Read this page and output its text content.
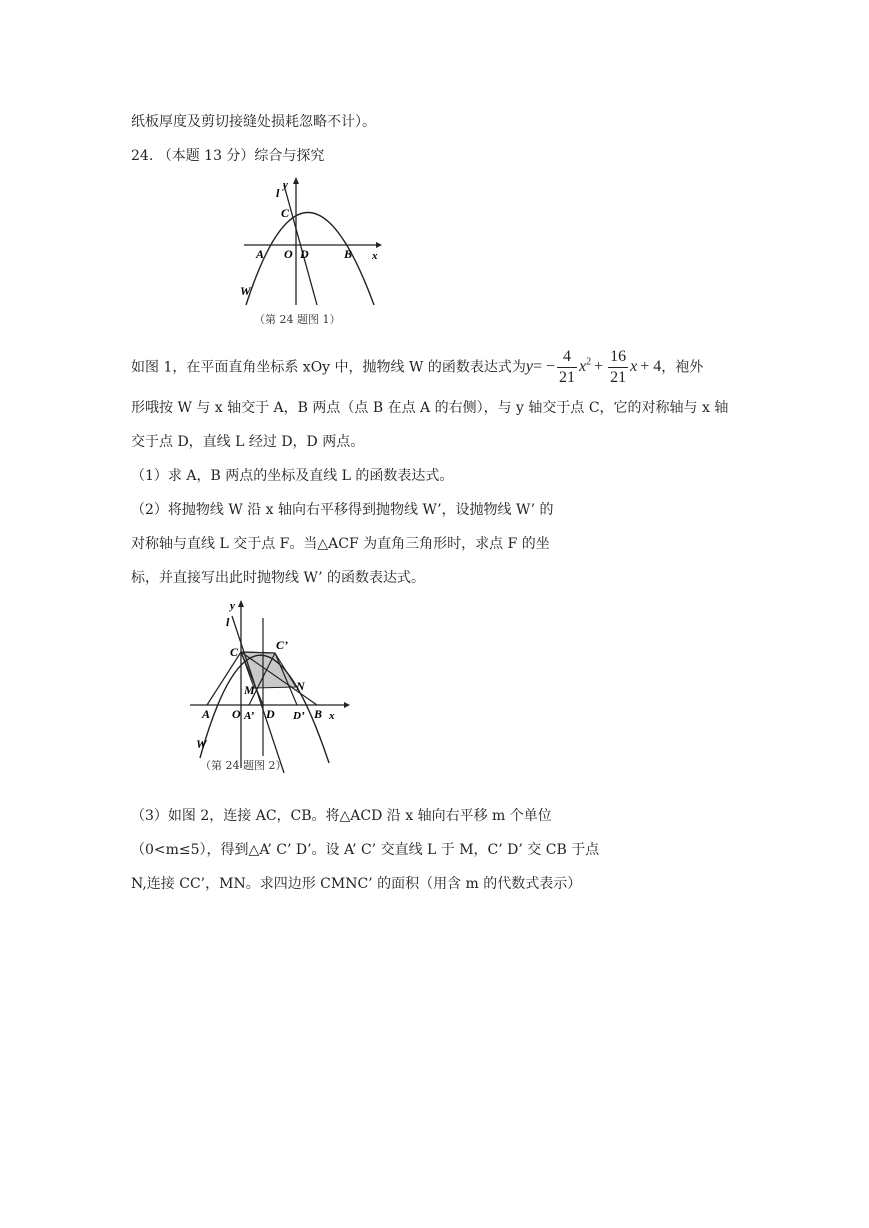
纸板厚度及剪切接缝处损耗忽略不计）。
24. （本题 13 分）综合与探究
y
l
C
A O D	B x
W
（第 24 题图 1）
如图 1，在平面直角坐标系 xOy 中，抛物线 W 的函数表达式为$y= - \frac{4}{21} x^2 + \frac{16}{21}$ x + 4，袍外
形哦按 W 与 x 轴交于 A，B 两点（点 B 在点 A 的右侧），与 y 轴交于点 C，它的对称轴与 x 轴
交于点 D，直线 L 经过 D，D 两点。
（1）求 A，B 两点的坐标及直线 L 的函数表达式。
（2）将抛物线 W 沿 x 轴向右平移得到抛物线 W’，设抛物线 W’ 的
对称轴与直线 L 交于点 F。当△ACF 为直角三角形时，求点 F 的坐
标，并直接写出此时抛物线 W’ 的函数表达式。
y
l
C	C’
M	N
A O A’ D D’ B x
W
（第 24 题图 2）
（3）如图 2，连接 AC，CB。将△ACD 沿 x 轴向右平移 m 个单位
（0<m≤5），得到△A’ C’ D’。设 A’ C’ 交直线 L 于 M，C’ D’ 交 CB 于点
N,连接 CC’，MN。求四边形 CMNC’ 的面积（用含 m 的代数式表示）
